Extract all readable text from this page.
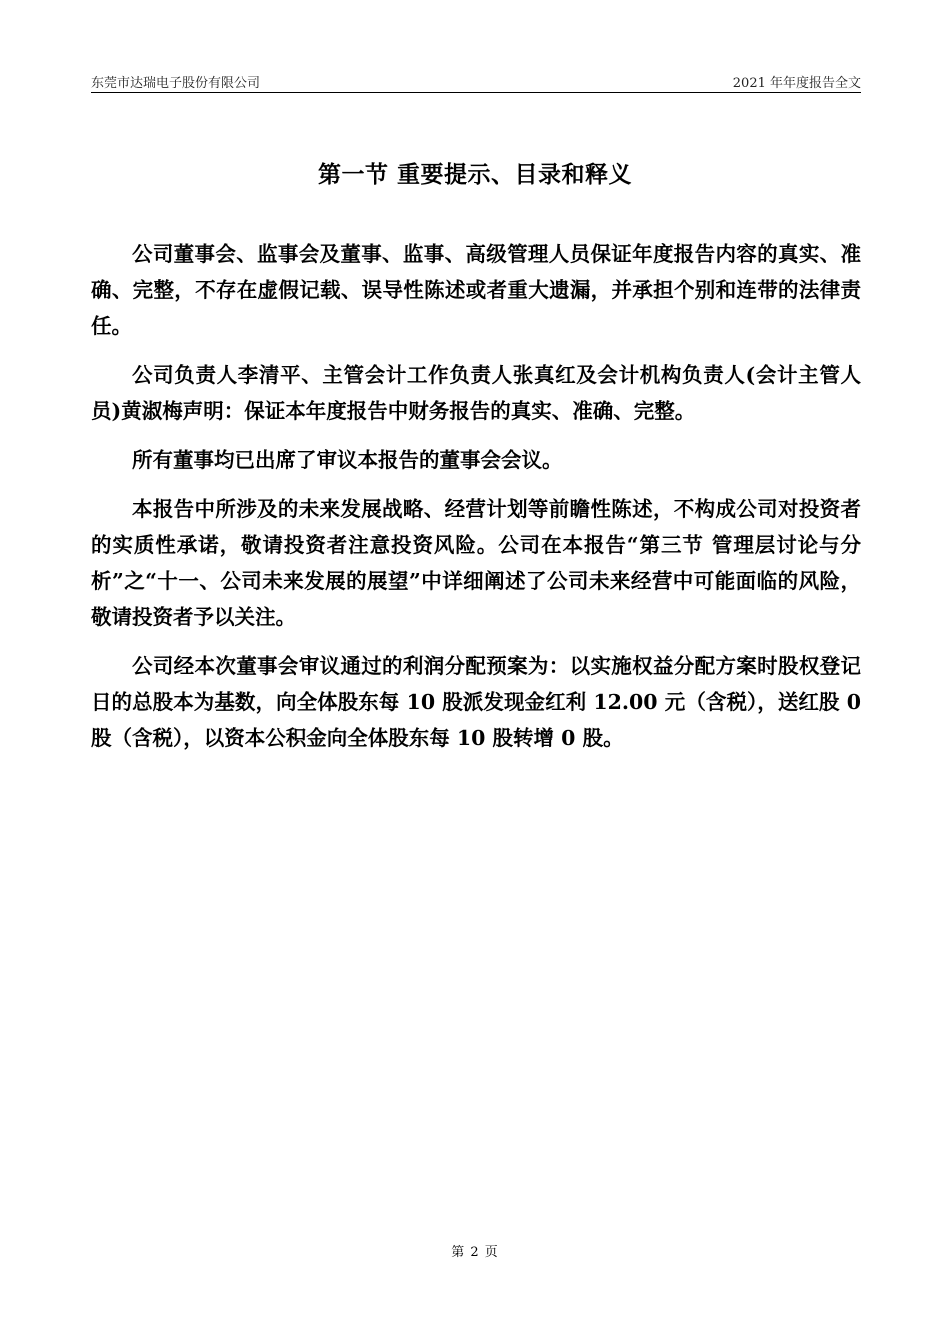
东莞市达瑞电子股份有限公司	2021 年年度报告全文
第一节 重要提示、目录和释义

公司董事会、监事会及董事、监事、高级管理人员保证年度报告内容的真实、准确、完整，不存在虚假记载、误导性陈述或者重大遗漏，并承担个别和连带的法律责任。

公司负责人李清平、主管会计工作负责人张真红及会计机构负责人(会计主管人员)黄淑梅声明：保证本年度报告中财务报告的真实、准确、完整。

所有董事均已出席了审议本报告的董事会会议。

本报告中所涉及的未来发展战略、经营计划等前瞻性陈述，不构成公司对投资者的实质性承诺，敬请投资者注意投资风险。公司在本报告“第三节 管理层讨论与分析”之“十一、公司未来发展的展望”中详细阐述了公司未来经营中可能面临的风险，敬请投资者予以关注。

公司经本次董事会审议通过的利润分配预案为：以实施权益分配方案时股权登记日的总股本为基数，向全体股东每 10 股派发现金红利 12.00 元（含税），送红股 0 股（含税），以资本公积金向全体股东每 10 股转增 0 股。

第 2 页
